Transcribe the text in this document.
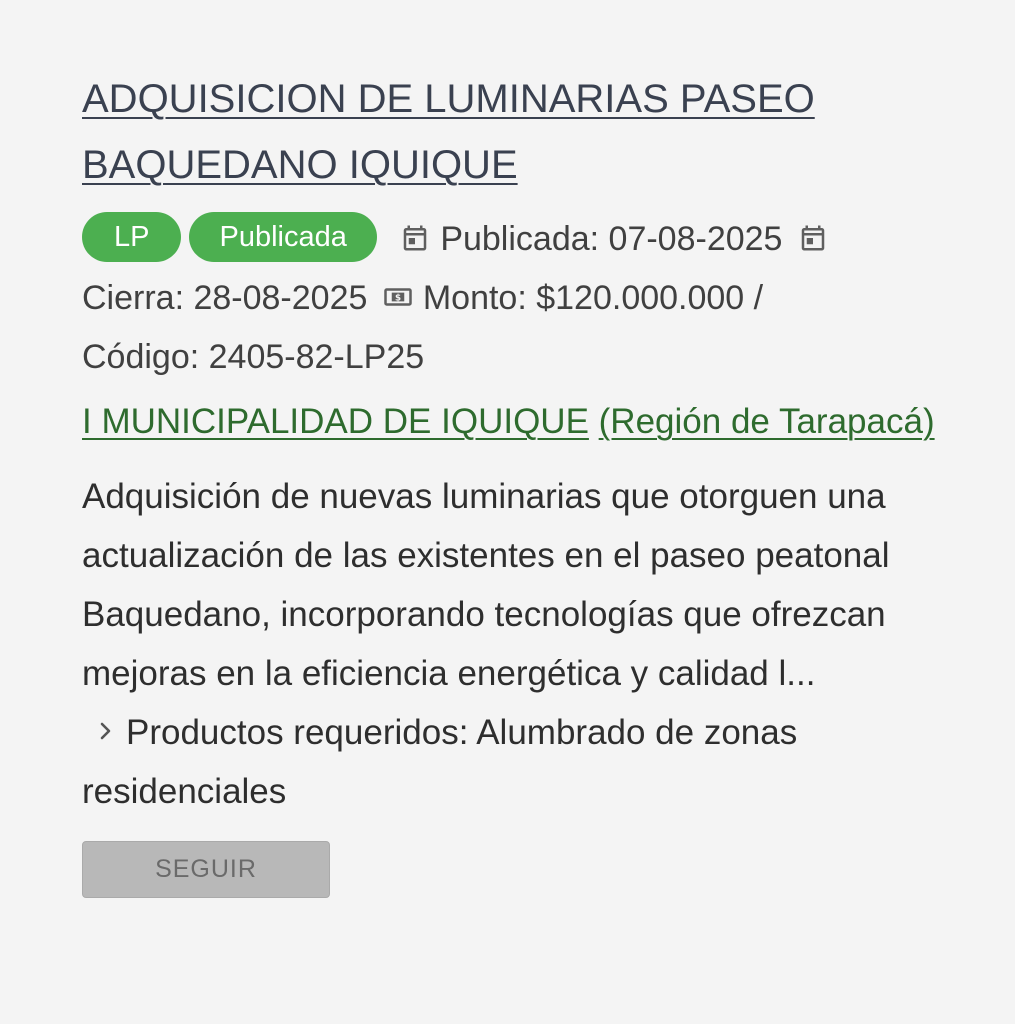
ADQUISICION DE LUMINARIAS PASEO BAQUEDANO IQUIQUE
LP Publicada	Publicada: 07-08-2025

Cierra: 28-08-2025	$ Monto: $120.000.000 /
Código: 2405-82-LP25
I MUNICIPALIDAD DE IQUIQUE (Región de Tarapacá)

Adquisición de nuevas luminarias que otorguen una actualización de las existentes en el paseo peatonal Baquedano, incorporando tecnologías que ofrezcan mejoras en la eficiencia energética y calidad l...

Productos requeridos: Alumbrado de zonas residenciales
SEGUIR
